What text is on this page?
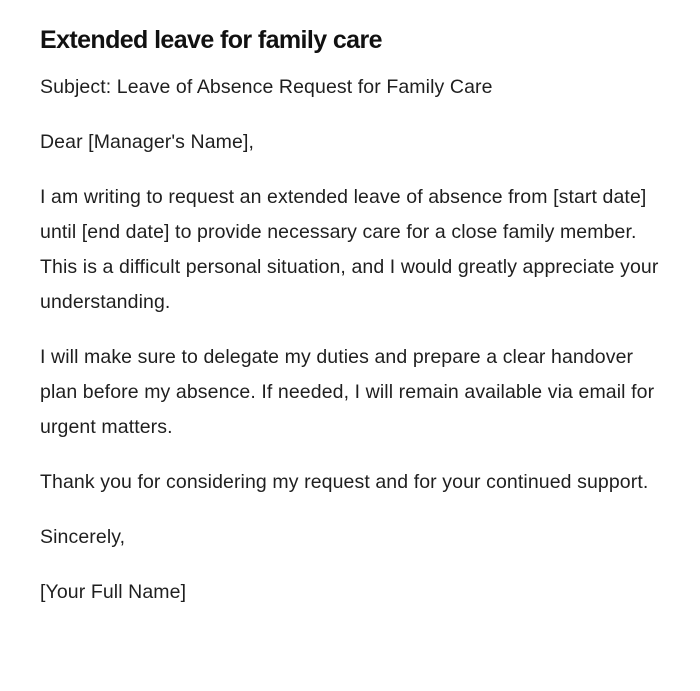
Extended leave for family care

Subject: Leave of Absence Request for Family Care

Dear [Manager's Name],

I am writing to request an extended leave of absence from [start date] until [end date] to provide necessary care for a close family member. This is a difficult personal situation, and I would greatly appreciate your understanding.

I will make sure to delegate my duties and prepare a clear handover plan before my absence. If needed, I will remain available via email for urgent matters.

Thank you for considering my request and for your continued support.

Sincerely,

[Your Full Name]
